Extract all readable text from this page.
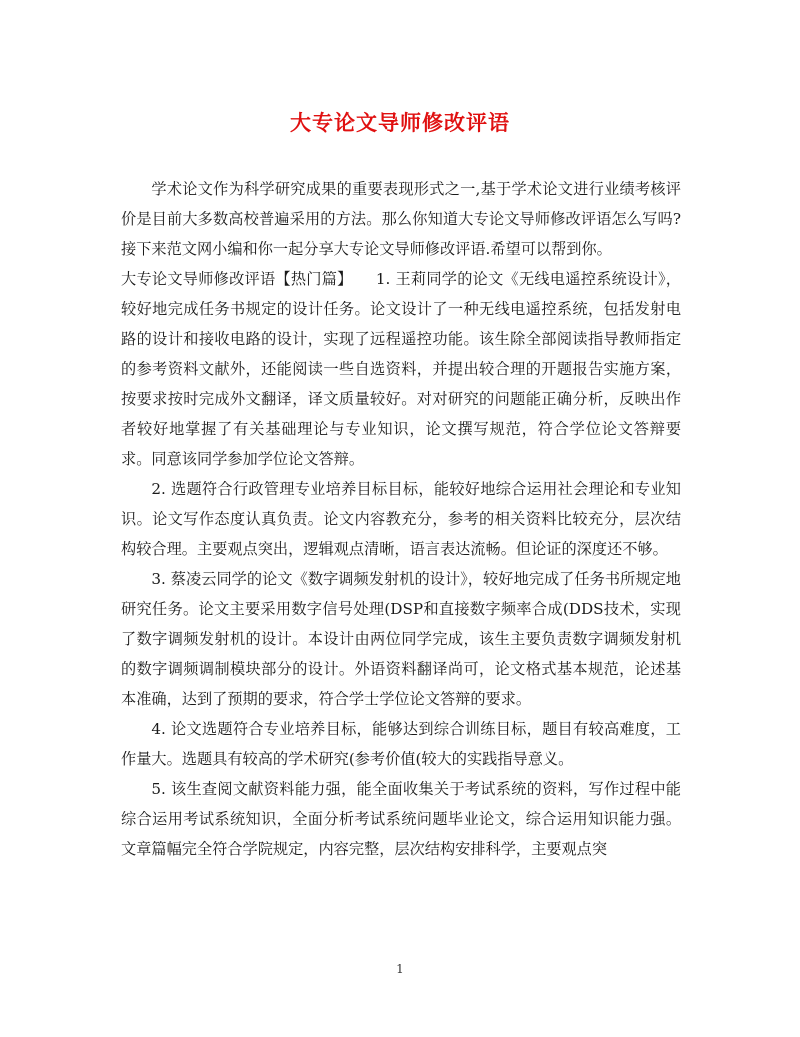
大专论文导师修改评语

学术论文作为科学研究成果的重要表现形式之一,基于学术论文进行业绩考核评价是目前大多数高校普遍采用的方法。那么你知道大专论文导师修改评语怎么写吗?接下来范文网小编和你一起分享大专论文导师修改评语.希望可以帮到你。

大专论文导师修改评语【热门篇】　　1. 王莉同学的论文《无线电遥控系统设计》，较好地完成任务书规定的设计任务。论文设计了一种无线电遥控系统，包括发射电路的设计和接收电路的设计，实现了远程遥控功能。该生除全部阅读指导教师指定的参考资料文献外，还能阅读一些自选资料，并提出较合理的开题报告实施方案，按要求按时完成外文翻译，译文质量较好。对对研究的问题能正确分析，反映出作者较好地掌握了有关基础理论与专业知识，论文撰写规范，符合学位论文答辩要求。同意该同学参加学位论文答辩。

2. 选题符合行政管理专业培养目标目标，能较好地综合运用社会理论和专业知识。论文写作态度认真负责。论文内容教充分，参考的相关资料比较充分，层次结构较合理。主要观点突出，逻辑观点清晰，语言表达流畅。但论证的深度还不够。

3. 蔡凌云同学的论文《数字调频发射机的设计》，较好地完成了任务书所规定地研究任务。论文主要采用数字信号处理(DSP和直接数字频率合成(DDS技术，实现了数字调频发射机的设计。本设计由两位同学完成，该生主要负责数字调频发射机的数字调频调制模块部分的设计。外语资料翻译尚可，论文格式基本规范，论述基本准确，达到了预期的要求，符合学士学位论文答辩的要求。

4. 论文选题符合专业培养目标，能够达到综合训练目标，题目有较高难度，工作量大。选题具有较高的学术研究(参考价值(较大的实践指导意义。

5. 该生查阅文献资料能力强，能全面收集关于考试系统的资料，写作过程中能综合运用考试系统知识，全面分析考试系统问题毕业论文，综合运用知识能力强。文章篇幅完全符合学院规定，内容完整，层次结构安排科学，主要观点突

1
